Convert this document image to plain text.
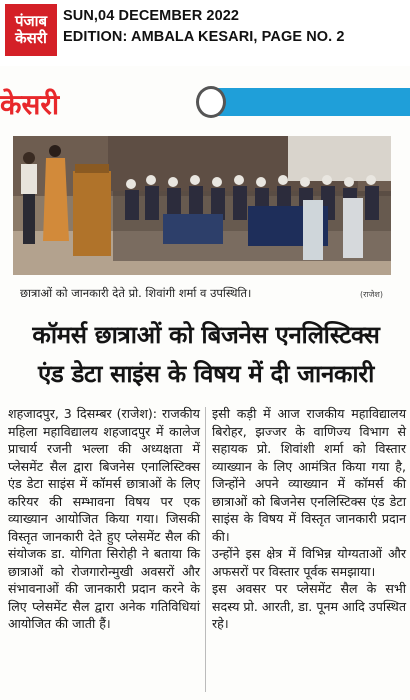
पंजाब
केसरी
SUN,04 DECEMBER 2022
EDITION: AMBALA KESARI, PAGE NO. 2
केसरी
छात्राओं को जानकारी देते प्रो. शिवांगी शर्मा व उपस्थिति।	(राजेश)
कॉमर्स छात्राओं को बिजनेस एनलिस्टिक्स
एंड डेटा साइंस के विषय में दी जानकारी

शहजादपुर, 3 दिसम्बर (राजेश): राजकीय महिला महाविद्यालय शहजादपुर में कालेज प्राचार्य रजनी भल्ला की अध्यक्षता में प्लेसमेंट सैल द्वारा बिजनेस एनालिस्टिक्स एंड डेटा साइंस में कॉमर्स छात्राओं के लिए करियर की सम्भावना विषय पर एक व्याख्यान आयोजित किया गया। जिसकी विस्तृत जानकारी देते हुए प्लेसमेंट सैल की संयोजक डा. योगिता सिरोही ने बताया कि छात्राओं को रोजगारोन्मुखी अवसरों और संभावनाओं की जानकारी प्रदान करने के लिए प्लेसमेंट सैल द्वारा अनेक गतिविधियां आयोजित की जाती हैं।

इसी कड़ी में आज राजकीय महाविद्यालय बिरोहर, झज्जर के वाणिज्य विभाग से सहायक प्रो. शिवांशी शर्मा को विस्तार व्याख्यान के लिए आमंत्रित किया गया है, जिन्होंने अपने व्याख्यान में कॉमर्स की छात्राओं को बिजनेस एनलिस्टिक्स एंड डेटा साइंस के विषय में विस्तृत जानकारी प्रदान की।

उन्होंने इस क्षेत्र में विभिन्न योग्यताओं और अफसरों पर विस्तार पूर्वक समझाया।

इस अवसर पर प्लेसमेंट सैल के सभी सदस्य प्रो. आरती, डा. पूनम आदि उपस्थित रहे।
